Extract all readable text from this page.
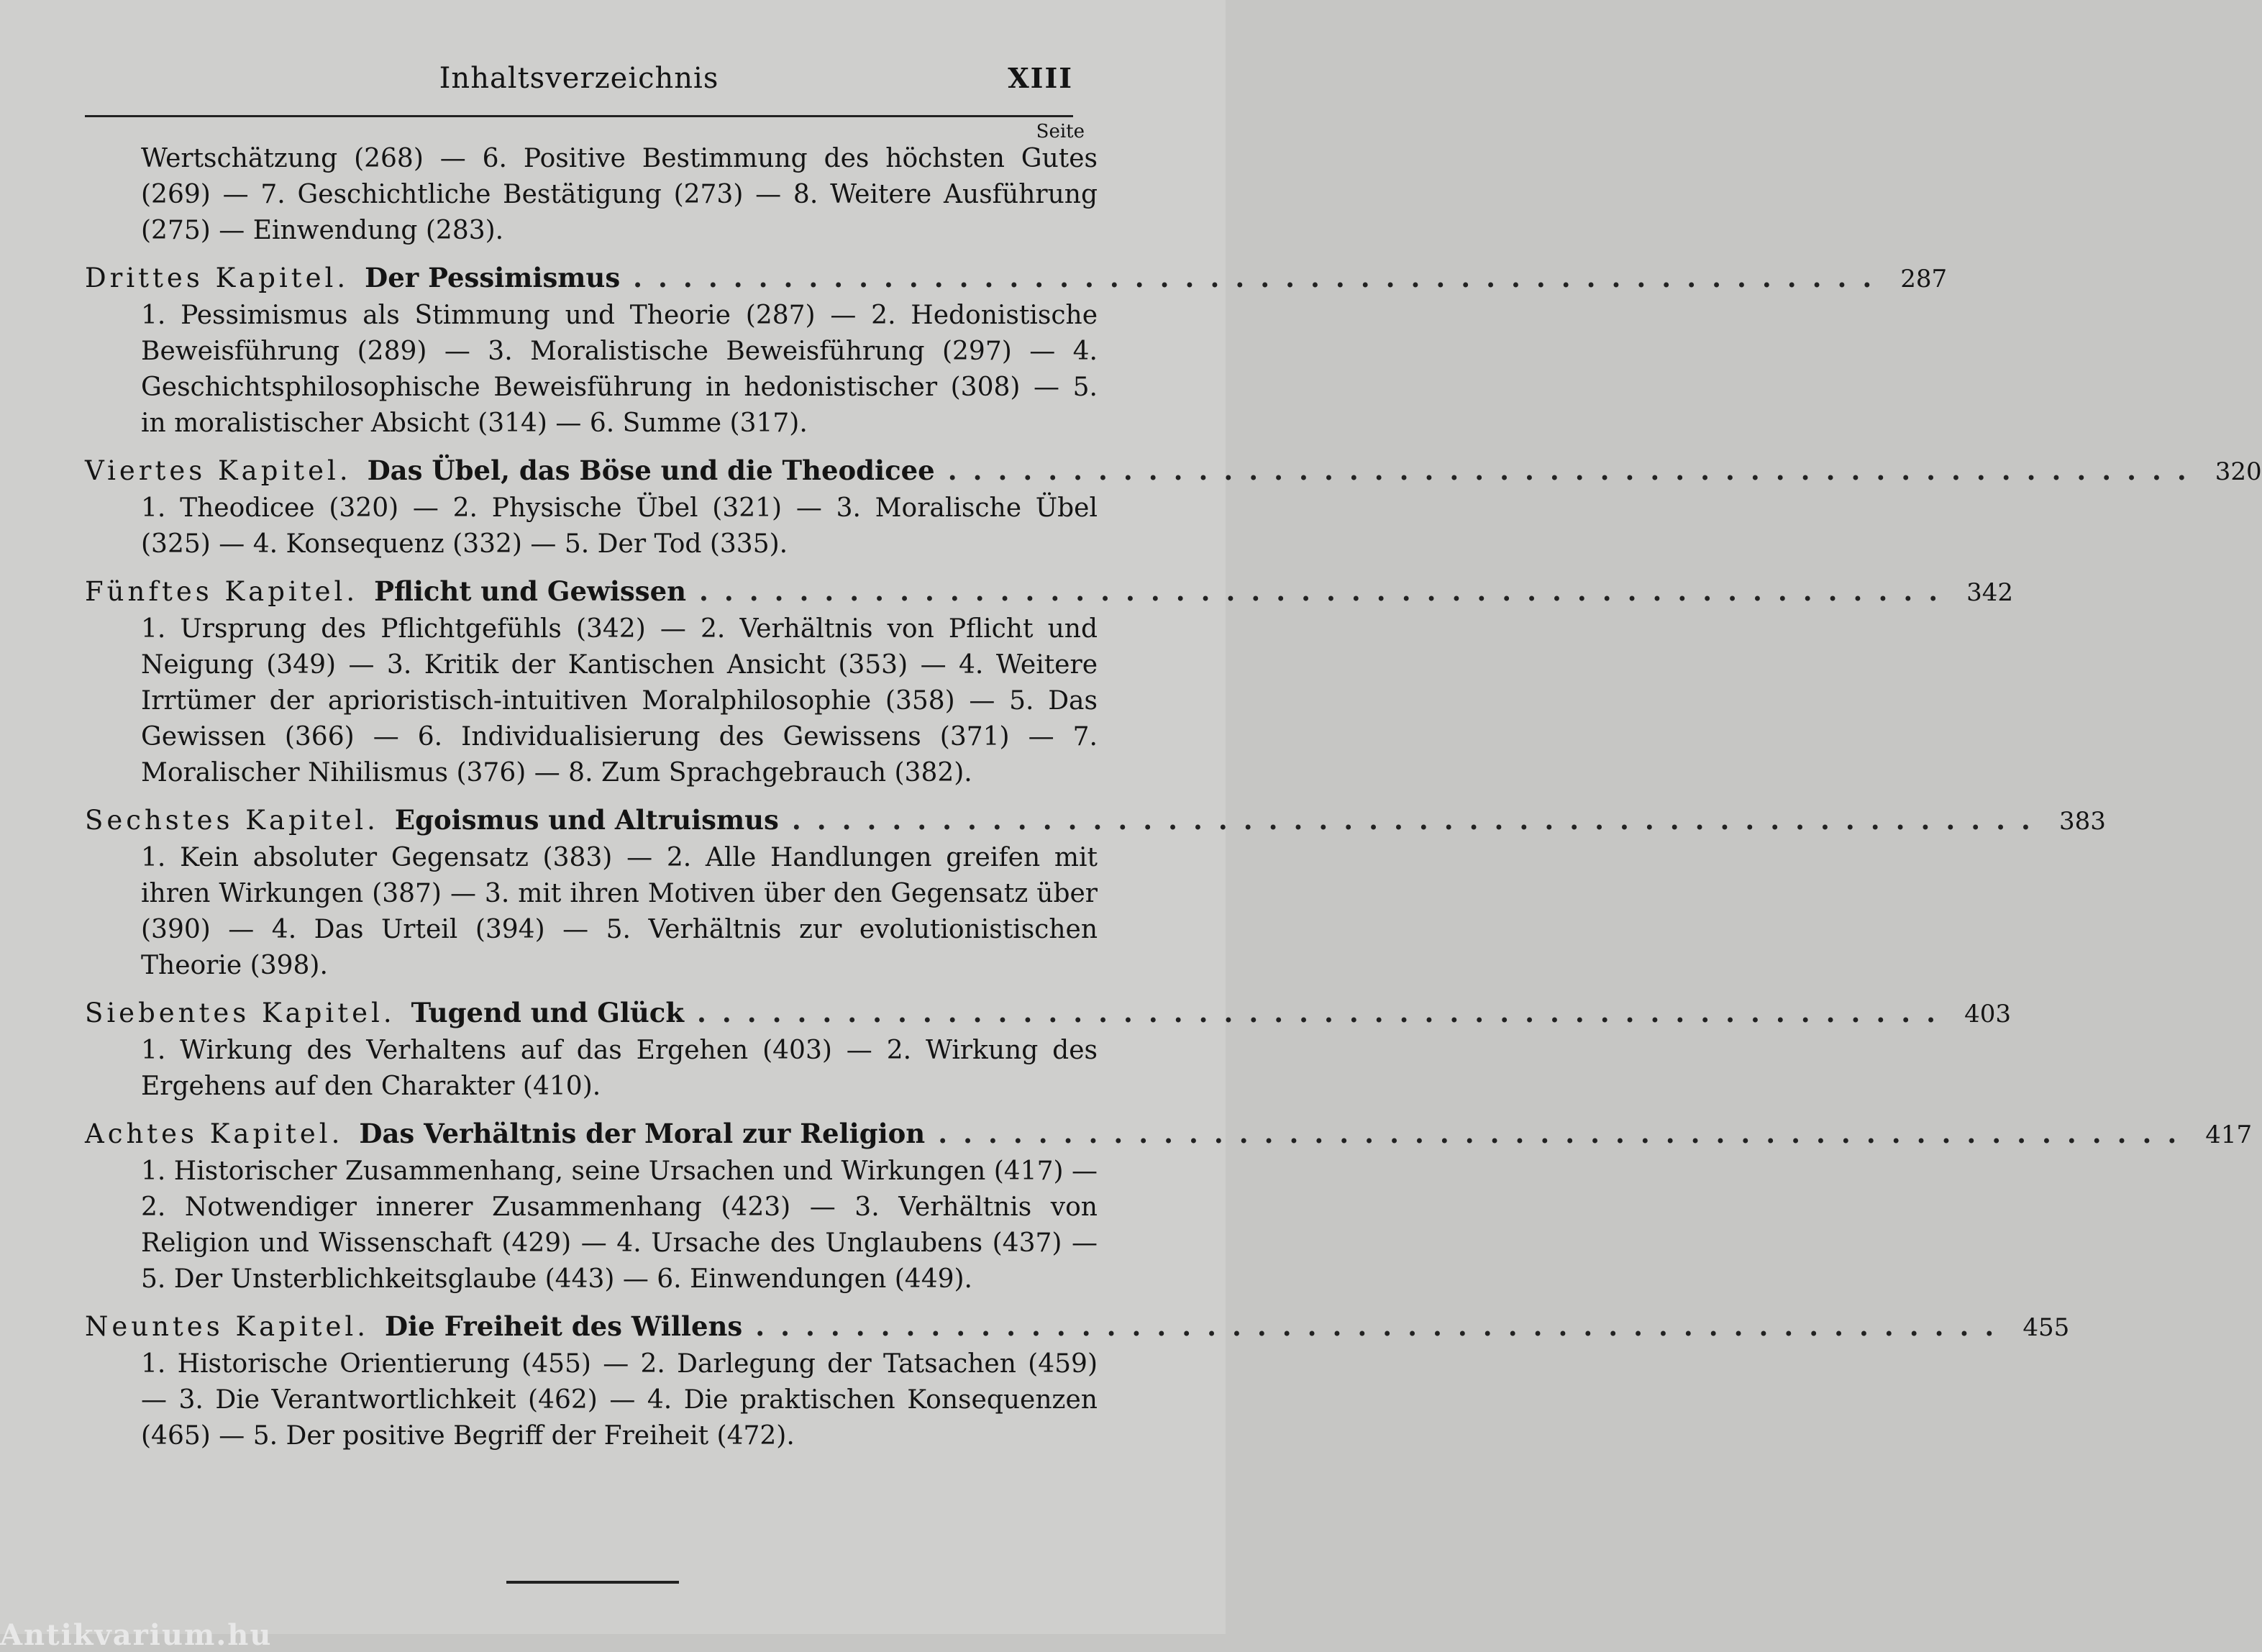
Inhaltsverzeichnis	XIII
Seite
Wertschätzung (268) — 6. Positive Bestimmung des höchsten Gutes (269) — 7. Geschichtliche Bestätigung (273) — 8. Weitere Ausführung (275) — Einwendung (283).
Drittes Kapitel. Der Pessimismus .................................................. 287
1. Pessimismus als Stimmung und Theorie (287) — 2. Hedonistische Beweisführung (289) — 3. Moralistische Beweisführung (297) — 4. Geschichtsphilosophische Beweisführung in hedonistischer (308) — 5. in moralistischer Absicht (314) — 6. Summe (317).
Viertes Kapitel. Das Übel, das Böse und die Theodicee .................................................. 320
1. Theodicee (320) — 2. Physische Übel (321) — 3. Moralische Übel (325) — 4. Konsequenz (332) — 5. Der Tod (335).
Fünftes Kapitel. Pflicht und Gewissen .................................................. 342
1. Ursprung des Pflichtgefühls (342) — 2. Verhältnis von Pflicht und Neigung (349) — 3. Kritik der Kantischen Ansicht (353) — 4. Weitere Irrtümer der aprioristisch-intuitiven Moralphilosophie (358) — 5. Das Gewissen (366) — 6. Individualisierung des Gewissens (371) — 7. Moralischer Nihilismus (376) — 8. Zum Sprachgebrauch (382).
Sechstes Kapitel. Egoismus und Altruismus .................................................. 383
1. Kein absoluter Gegensatz (383) — 2. Alle Handlungen greifen mit ihren Wirkungen (387) — 3. mit ihren Motiven über den Gegensatz über (390) — 4. Das Urteil (394) — 5. Verhältnis zur evolutionistischen Theorie (398).
Siebentes Kapitel. Tugend und Glück .................................................. 403
1. Wirkung des Verhaltens auf das Ergehen (403) — 2. Wirkung des Ergehens auf den Charakter (410).
Achtes Kapitel. Das Verhältnis der Moral zur Religion .................................................. 417
1. Historischer Zusammenhang, seine Ursachen und Wirkungen (417) — 2. Notwendiger innerer Zusammenhang (423) — 3. Verhältnis von Religion und Wissenschaft (429) — 4. Ursache des Unglaubens (437) — 5. Der Unsterblichkeitsglaube (443) — 6. Einwendungen (449).
Neuntes Kapitel. Die Freiheit des Willens .................................................. 455
1. Historische Orientierung (455) — 2. Darlegung der Tatsachen (459) — 3. Die Verantwortlichkeit (462) — 4. Die praktischen Konsequenzen (465) — 5. Der positive Begriff der Freiheit (472).
Antikvarium.hu
